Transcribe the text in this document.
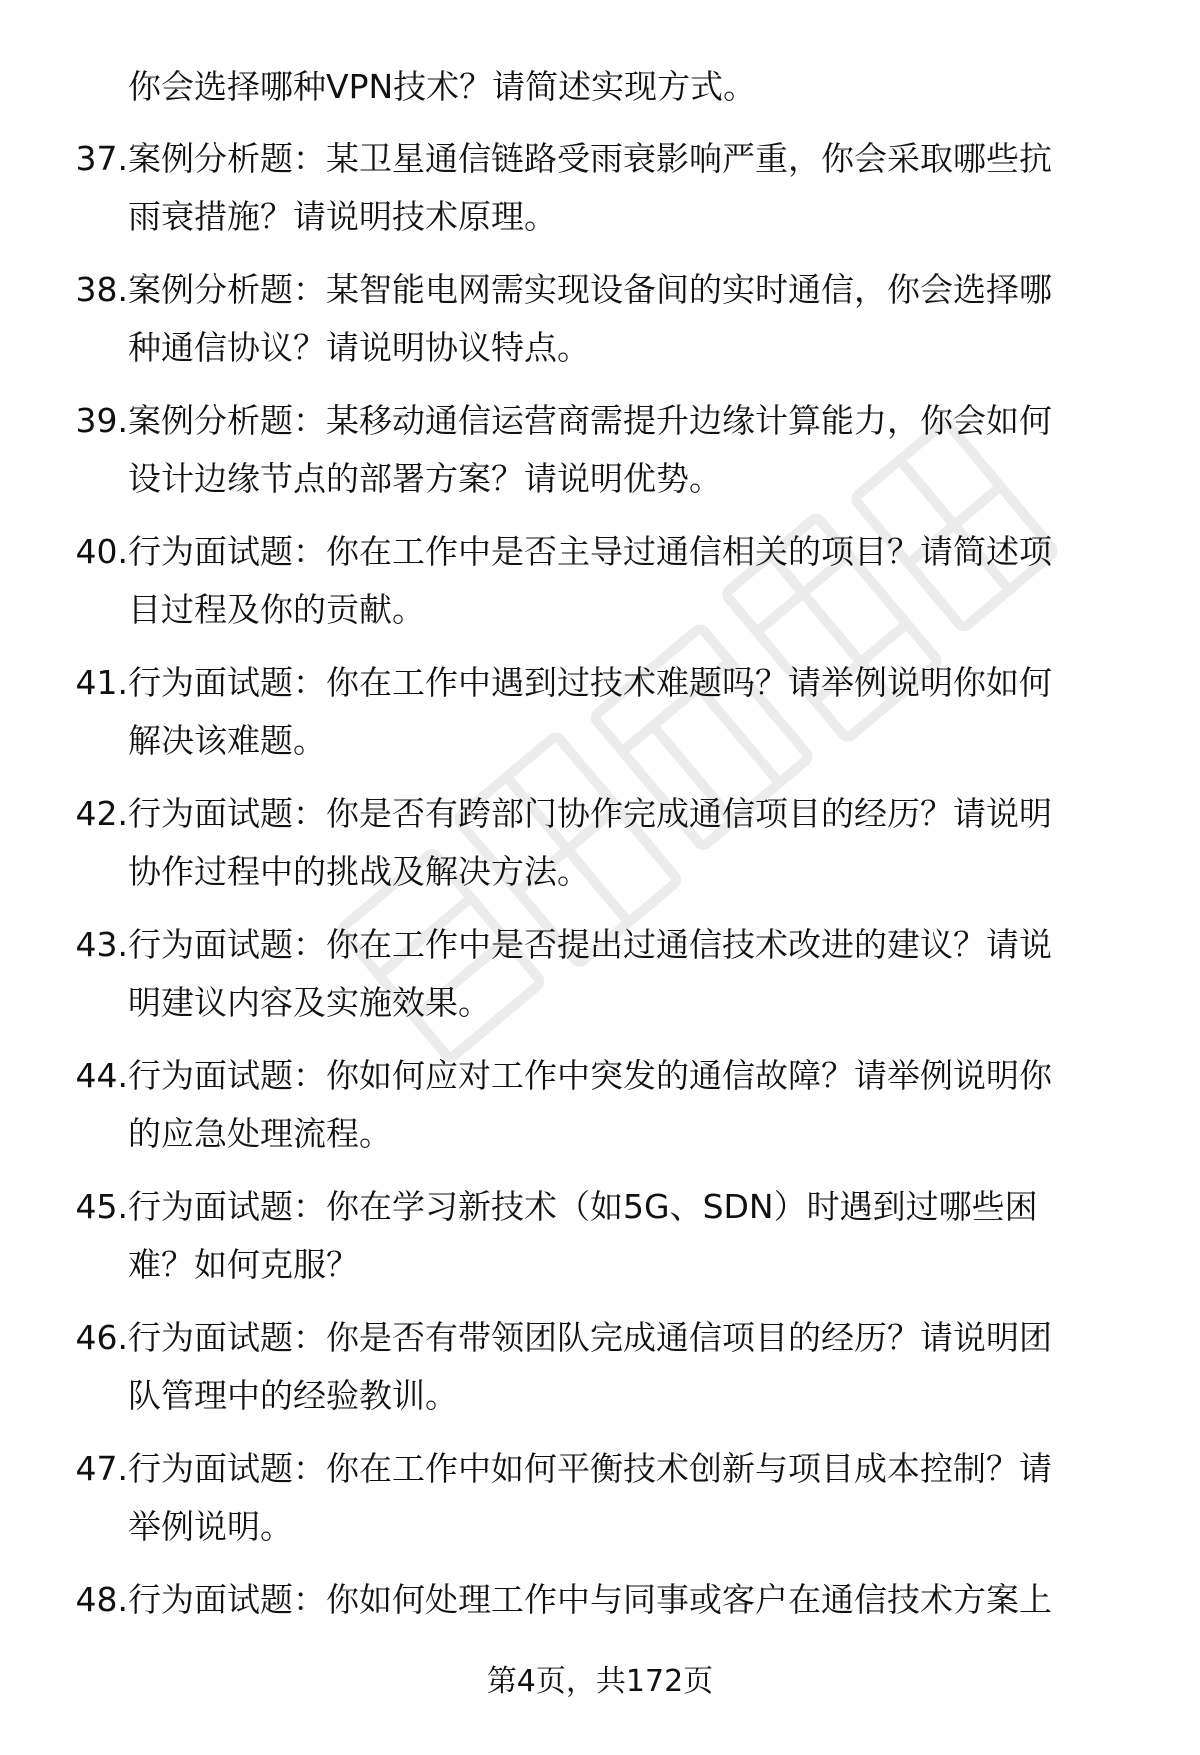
你会选择哪种VPN技术？请简述实现方式。
37. 案例分析题：某卫星通信链路受雨衰影响严重，你会采取哪些抗
雨衰措施？请说明技术原理。
38. 案例分析题：某智能电网需实现设备间的实时通信，你会选择哪
种通信协议？请说明协议特点。
39. 案例分析题：某移动通信运营商需提升边缘计算能力，你会如何
设计边缘节点的部署方案？请说明优势。
40. 行为面试题：你在工作中是否主导过通信相关的项目？请简述项
目过程及你的贡献。
41. 行为面试题：你在工作中遇到过技术难题吗？请举例说明你如何
解决该难题。
42. 行为面试题：你是否有跨部门协作完成通信项目的经历？请说明
协作过程中的挑战及解决方法。
43. 行为面试题：你在工作中是否提出过通信技术改进的建议？请说
明建议内容及实施效果。
44. 行为面试题：你如何应对工作中突发的通信故障？请举例说明你
的应急处理流程。
45. 行为面试题：你在学习新技术（如5G、SDN）时遇到过哪些困
难？如何克服？
46. 行为面试题：你是否有带领团队完成通信项目的经历？请说明团
队管理中的经验教训。
47. 行为面试题：你在工作中如何平衡技术创新与项目成本控制？请
举例说明。
48. 行为面试题：你如何处理工作中与同事或客户在通信技术方案上
第4页，共172页
